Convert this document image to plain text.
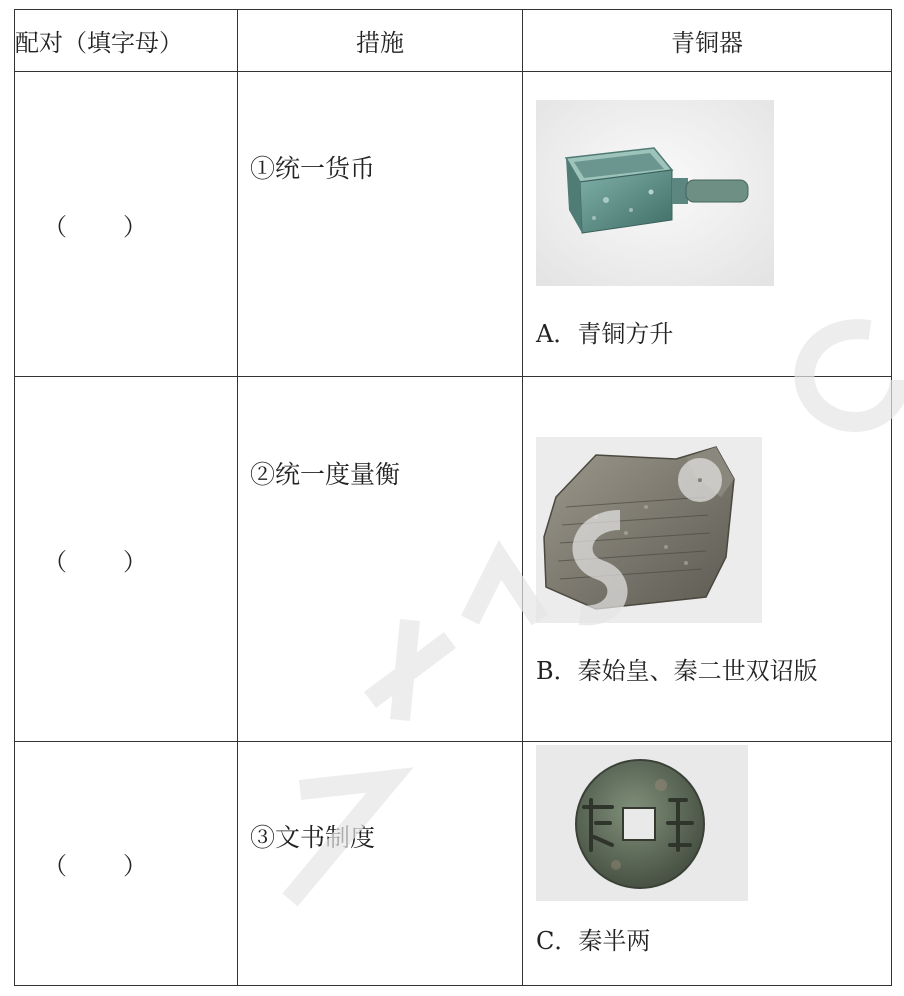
配对（填字母）	措施	青铜器

（ ）	①统一货币	A．青铜方升

（ ）	②统一度量衡	B．秦始皇、秦二世双诏版

（ ）	③文书制度	C．秦半两
